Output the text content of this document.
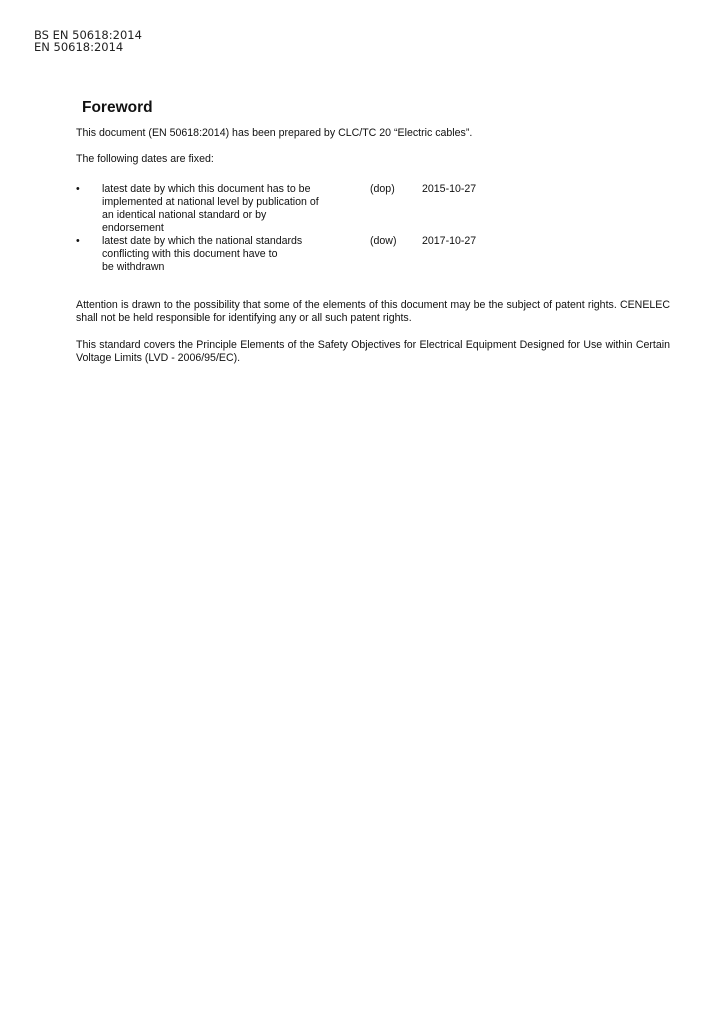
BS EN 50618:2014
EN 50618:2014
Foreword

This document (EN 50618:2014) has been prepared by CLC/TC 20 “Electric cables”.

The following dates are fixed:

•	latest date by which this document has to be
implemented at national level by publication of
an identical national standard or by
endorsement
(dop)	2015-10-27
•	latest date by which the national standards
conflicting with this document have to
be withdrawn
(dow) 2017-10-27

Attention is drawn to the possibility that some of the elements of this document may be the subject of patent rights. CENELEC shall not be held responsible for identifying any or all such patent rights.

This standard covers the Principle Elements of the Safety Objectives for Electrical Equipment Designed for Use within Certain Voltage Limits (LVD - 2006/95/EC).
